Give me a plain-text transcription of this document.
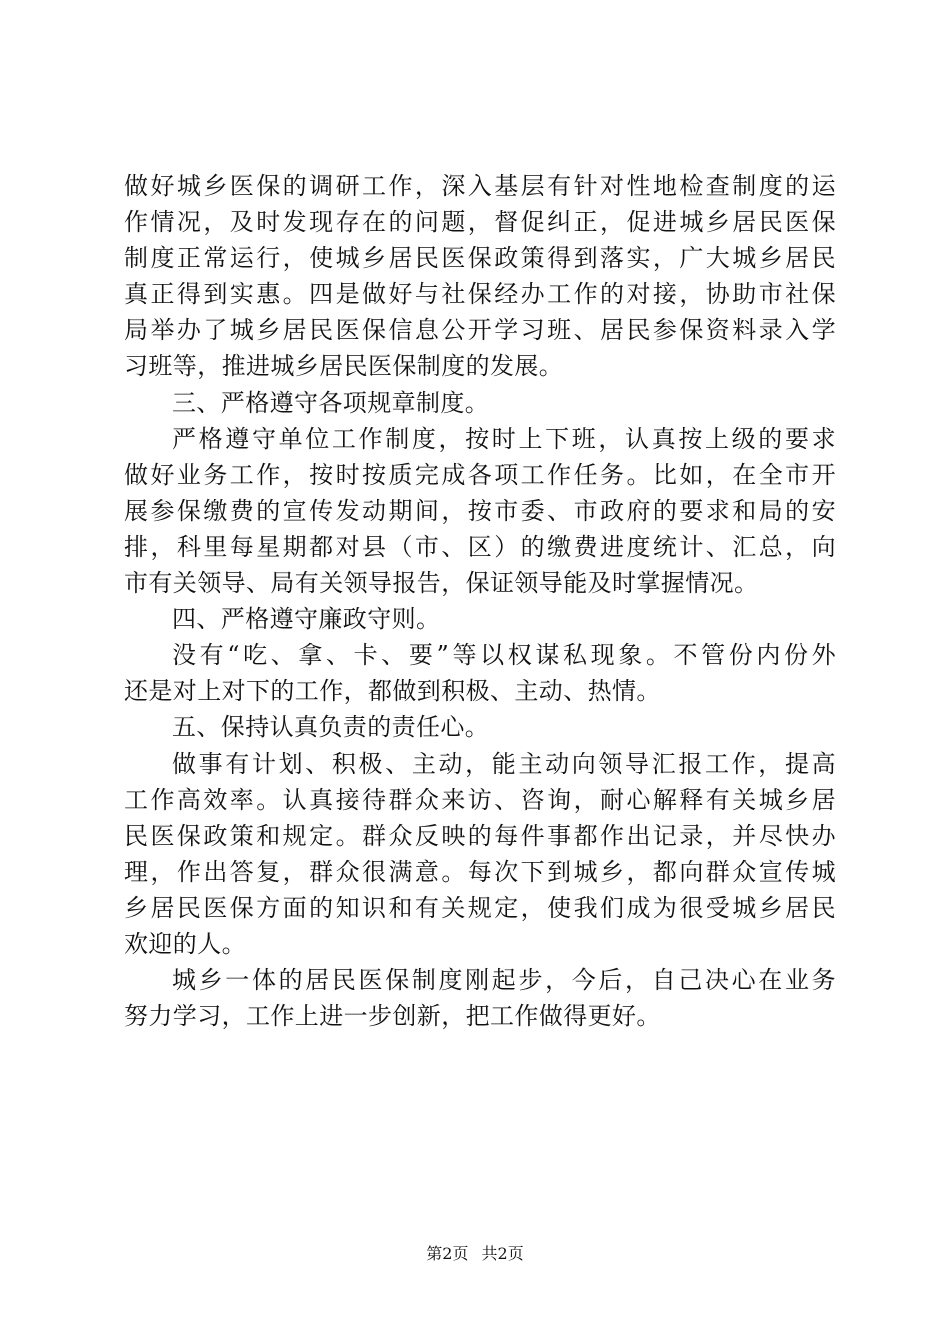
做好城乡医保的调研工作，深入基层有针对性地检查制度的运
作情况，及时发现存在的问题，督促纠正，促进城乡居民医保
制度正常运行，使城乡居民医保政策得到落实，广大城乡居民
真正得到实惠。四是做好与社保经办工作的对接，协助市社保
局举办了城乡居民医保信息公开学习班、居民参保资料录入学
习班等，推进城乡居民医保制度的发展。
三、严格遵守各项规章制度。
严格遵守单位工作制度，按时上下班，认真按上级的要求
做好业务工作，按时按质完成各项工作任务。比如，在全市开
展参保缴费的宣传发动期间，按市委、市政府的要求和局的安
排，科里每星期都对县（市、区）的缴费进度统计、汇总，向
市有关领导、局有关领导报告，保证领导能及时掌握情况。
四、严格遵守廉政守则。
没有“吃、拿、卡、要”等以权谋私现象。不管份内份外
还是对上对下的工作，都做到积极、主动、热情。
五、保持认真负责的责任心。
做事有计划、积极、主动，能主动向领导汇报工作，提高
工作高效率。认真接待群众来访、咨询，耐心解释有关城乡居
民医保政策和规定。群众反映的每件事都作出记录，并尽快办
理，作出答复，群众很满意。每次下到城乡，都向群众宣传城
乡居民医保方面的知识和有关规定，使我们成为很受城乡居民
欢迎的人。
城乡一体的居民医保制度刚起步，今后，自己决心在业务
努力学习，工作上进一步创新，把工作做得更好。
第2页 共2页
